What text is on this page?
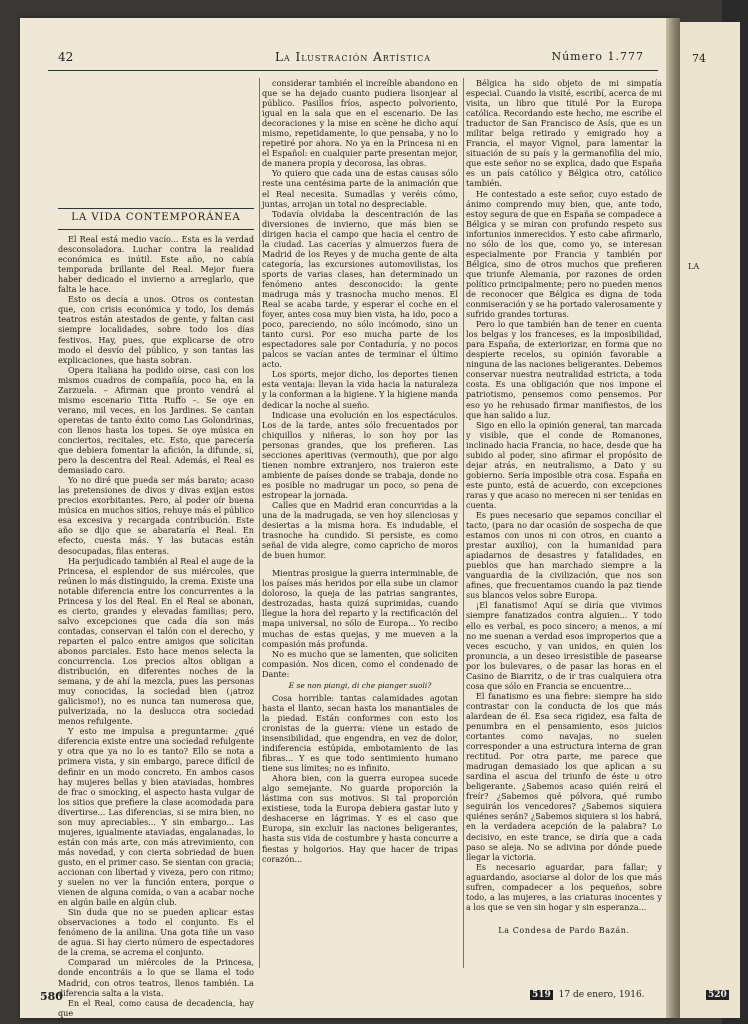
74
LA
520
42	La Ilustración Artística	Número 1.777

LA VIDA CONTEMPORÁNEA

El Real está medio vacío... Esta es la verdad desconsoladora. Luchar contra la realidad económica es inútil. Este año, no cabía temporada brillante del Real. Mejor fuera haber dedicado el invierno a arreglarlo, que falta le hace.

Esto os decía a unos. Otros os contestan que, con crisis económica y todo, los demás teatros están atestados de gente, y faltan casi siempre localidades, sobre todo los días festivos. Hay, pues, que explicarse de otro modo el desvío del público, y son tantas las explicaciones, que hasta sobran.

Opera italiana ha podido oirse, casi con los mismos cuadros de compañía, poco ha, en la Zarzuela. – Afirman que pronto vendrá al mismo escenario Titta Ruffo –. Se oye en verano, mil veces, en los Jardines. Se cantan operetas de tanto éxito como Las Golondrinas, con llenos hasta los topes. Se oye música en conciertos, recitales, etc. Esto, que parecería que debiera fomentar la afición, la difunde, sí, pero la descentra del Real. Además, el Real es demasiado caro.

Yo no diré que pueda ser más barato; acaso las pretensiones de divos y divas exijan estos precios exorbitantes. Pero, al poder oír buena música en muchos sitios, rehuye más el público esa excesiva y recargada contribución. Este año se dijo que se abarataría el Real. En efecto, cuesta más. Y las butacas están desocupadas, filas enteras.

Ha perjudicado también al Real el auge de la Princesa, el esplendor de sus miércoles, que reúnen lo más distinguido, la crema. Existe una notable diferencia entre los concurrentes a la Princesa y los del Real. En el Real se abonan, es cierto, grandes y elevadas familias; pero, salvo excepciones que cada día son más contadas, conservan el talón con el derecho, y reparten el palco entre amigos que solicitan abonos parciales. Esto hace menos selecta la concurrencia. Los precios altos obligan a distribución, en diferentes noches de la semana, y de ahí la mezcla, pues las personas muy conocidas, la sociedad bien (¡atroz galicismo!), no es nunca tan numerosa que, pulverizada, no la deslucca otra sociedad menos refulgente.

Y esto me impulsa a preguntarme: ¿qué diferencia existe entre una sociedad refulgente y otra que ya no lo es tanto? Ello se nota a primera vista, y sin embargo, parece difícil de definir en un modo concreto. En ambos casos hay mujeres bellas y bien ataviadas, hombres de frac o smocking, el aspecto hasta vulgar de los sitios que prefiere la clase acomodada para divertirse... Las diferencias, si se mira bien, no son muy apreciables... Y sin embargo... Las mujeres, igualmente ataviadas, engalanadas, lo están con más arte, con más atrevimiento, con más novedad, y con cierta sobriedad de buen gusto, en el primer caso. Se sientan con gracia; accionan con libertad y viveza, pero con ritmo; y suelen no ver la función entera, porque o vienen de alguna comida, o van a acabar noche en algún baile en algún club.

Sin duda que no se pueden aplicar estas observaciones a todo el conjunto. Es el fenómeno de la anilina. Una gota tiñe un vaso de agua. Si hay cierto número de espectadores de la crema, se acrema el conjunto.

Comparad un miércoles de la Princesa, donde encontráis a lo que se llama el todo Madrid, con otros teatros, llenos también. La diferencia salta a la vista.

En el Real, como causa de decadencia, hay que

considerar también el increíble abandono en que se ha dejado cuanto pudiera lisonjear al público. Pasillos fríos, aspecto polvoriento, igual en la sala que en el escenario. De las decoraciones y la mise en scène he dicho aquí mismo, repetidamente, lo que pensaba, y no lo repetiré por ahora. No ya en la Princesa ni en el Español: en cualquier parte presentan mejor, de manera propia y decorosa, las obras.

Yo quiero que cada una de estas causas sólo reste una centésima parte de la animación que el Real necesita. Sumadlas y veréis cómo, juntas, arrojan un total no despreciable.

Todavía olvidaba la descentración de las diversiones de invierno, que más bien se dirigen hacia el campo que hacia el centro de la ciudad. Las cacerías y almuerzos fuera de Madrid de los Reyes y de mucha gente de alta categoría, las excursiones automovilistas, los sports de varias clases, han determinado un fenómeno antes desconocido: la gente madruga más y trasnocha mucho menos. El Real se acaba tarde, y esperar el coche en el foyer, antes cosa muy bien vista, ha ido, poco a poco, pareciendo, no sólo incómodo, sino un tanto cursi. Por eso mucha parte de los espectadores sale por Contaduría, y no pocos palcos se vacían antes de terminar el último acto.

Los sports, mejor dicho, los deportes tienen esta ventaja: llevan la vida hacia la naturaleza y la conforman a la higiene. Y la higiene manda dedicar la noche al sueño.

Indicase una evolución en los espectáculos. Los de la tarde, antes sólo frecuentados por chiquillos y niñeras, lo son hoy por las personas grandes, que los prefieren. Las secciones aperitivas (vermouth), que por algo tienen nombre extranjero, nos traieron este ambiente de países donde se trabaja, donde no es posible no madrugar un poco, so pena de estropear la jornada.

Calles que en Madrid eran concurridas a la una de la madrugada, se ven hoy silenciosas y desiertas a la misma hora. Es indudable, el trasnoche ha cundido. Si persiste, es como señal de vida alegre, como capricho de moros de buen humor.

Mientras prosigue la guerra interminable, de los países más heridos por ella sube un clamor doloroso, la queja de las patrias sangrantes, destrozadas, hasta quizá suprimidas, cuando llegue la hora del reparto y la rectificación del mapa universal, no sólo de Europa... Yo recibo muchas de estas quejas, y me mueven a la compasión más profunda.

No es mucho que se lamenten, que soliciten compasión. Nos dicen, como el condenado de Dante:

E se non piangi, di che pianger suoli?

Cosa horrible: tantas calamidades agotan hasta el llanto, secan hasta los manantiales de la piedad. Están conformes con esto los cronistas de la guerra: viene un estado de insensibilidad, que engendra, en vez de dolor, indiferencia estúpida, embotamiento de las fibras... Y es que todo sentimiento humano tiene sus límites; no es infinito.

Ahora bien, con la guerra europea sucede algo semejante. No guarda proporción la lástima con sus motivos. Si tal proporción existiese, toda la Europa debiera gastar luto y deshacerse en lágrimas. Y es el caso que Europa, sin excluir las naciones beligerantes, hasta sus vida de costumbre y hasta concurre a fiestas y holgorios. Hay que hacer de tripas corazón...

Bélgica ha sido objeto de mi simpatía especial. Cuando la visité, escribí, acerca de mi visita, un libro que titulé Por la Europa católica. Recordando este hecho, me escribe el traductor de San Francisco de Asís, que es un militar belga retirado y emigrado hoy a Francia, el mayor Vignol, para lamentar la situación de su país y la germanofilia del mío, que este señor no se explica, dado que España es un país católico y Bélgica otro, católico también.

He contestado a este señor, cuyo estado de ánimo comprendo muy bien, que, ante todo, estoy segura de que en España se compadece a Bélgica y se miran con profundo respeto sus infortunios inmerecidos. Y esto cabe afirmarlo, no sólo de los que, como yo, se interesan especialmente por Francia y también por Bélgica, sino de otros muchos que prefieren que triunfe Alemania, por razones de orden político principalmente; pero no pueden menos de reconocer que Bélgica es digna de toda conmiseración y se ha portado valerosamente y sufrido grandes torturas.

Pero lo que también han de tener en cuenta los belgas y los franceses, es la imposibilidad, para España, de exteriorizar, en forma que no despierte recelos, su opinión favorable a ninguna de las naciones beligerantes. Debemos conservar nuestra neutralidad estricta, a toda costa. Es una obligación que nos impone el patriotismo, pensemos como pensemos. Por eso yo he rehusado firmar manifiestos, de los que han salido a luz.

Sigo en ello la opinión general, tan marcada y visible, que el conde de Romanones, inclinado hacia Francia, no hace, desde que ha subido al poder, sino afirmar el propósito de dejar atrás, en neutralismo, a Dato y su gobierno. Sería imposible otra cosa. España en este punto, está de acuerdo, con excepciones raras y que acaso no merecen ni ser tenidas en cuenta.

Es pues necesario que sepamos conciliar el tacto, (para no dar ocasión de sospecha de que estamos con unos ni con otros, en cuanto a prestar auxilio), con la humanidad para apiadarnos de desastres y fatalidades, en pueblos que han marchado siempre a la vanguardia de la civilización, que nos son afines, que frecuentamos cuando la paz tiende sus blancos velos sobre Europa.

¡El fanatismo! Aquí se diría que vivimos siempre fanatizados contra alguien... Y todo ello es verbal, es poco sincero; a menos, a mí no me suenan a verdad esos improperios que a veces escucho, y van unidos, en quien los pronuncia, a un deseo irresistible de pasearse por los bulevares, o de pasar las horas en el Casino de Biarritz, o de ir tras cualquiera otra cosa que sólo en Francia se encuentre...

El fanatismo es una fiebre: siempre ha sido contrastar con la conducta de los que más alardean de él. Esa seca rigidez, esa falta de penumbra en el pensamiento, esos juicios cortantes como navajas, no suelen corresponder a una estructura interna de gran rectitud. Por otra parte, me parece que madrugan demasiado los que aplican a su sardina el ascua del triunfo de éste u otro beligerante. ¿Sabemos acaso quién reirá el freír? ¿Sabemos qué pólvora, qué rumbo seguirán los vencedores? ¿Sabemos siquiera quiénes serán? ¿Sabemos siquiera si los habrá, en la verdadera acepción de la palabra? Lo decisivo, en este trance, se diría que a cada paso se aleja. No se adivina por dónde puede llegar la victoria.

Es necesario aguardar, para fallar; y aguardando, asociarse al dolor de los que más sufren, compadecer a los pequeños, sobre todo, a las mujeres, a las criaturas inocentes y a los que se ven sin hogar y sin esperanza...

La Condesa de Pardo Bazán.

580	519 17 de enero, 1916.
